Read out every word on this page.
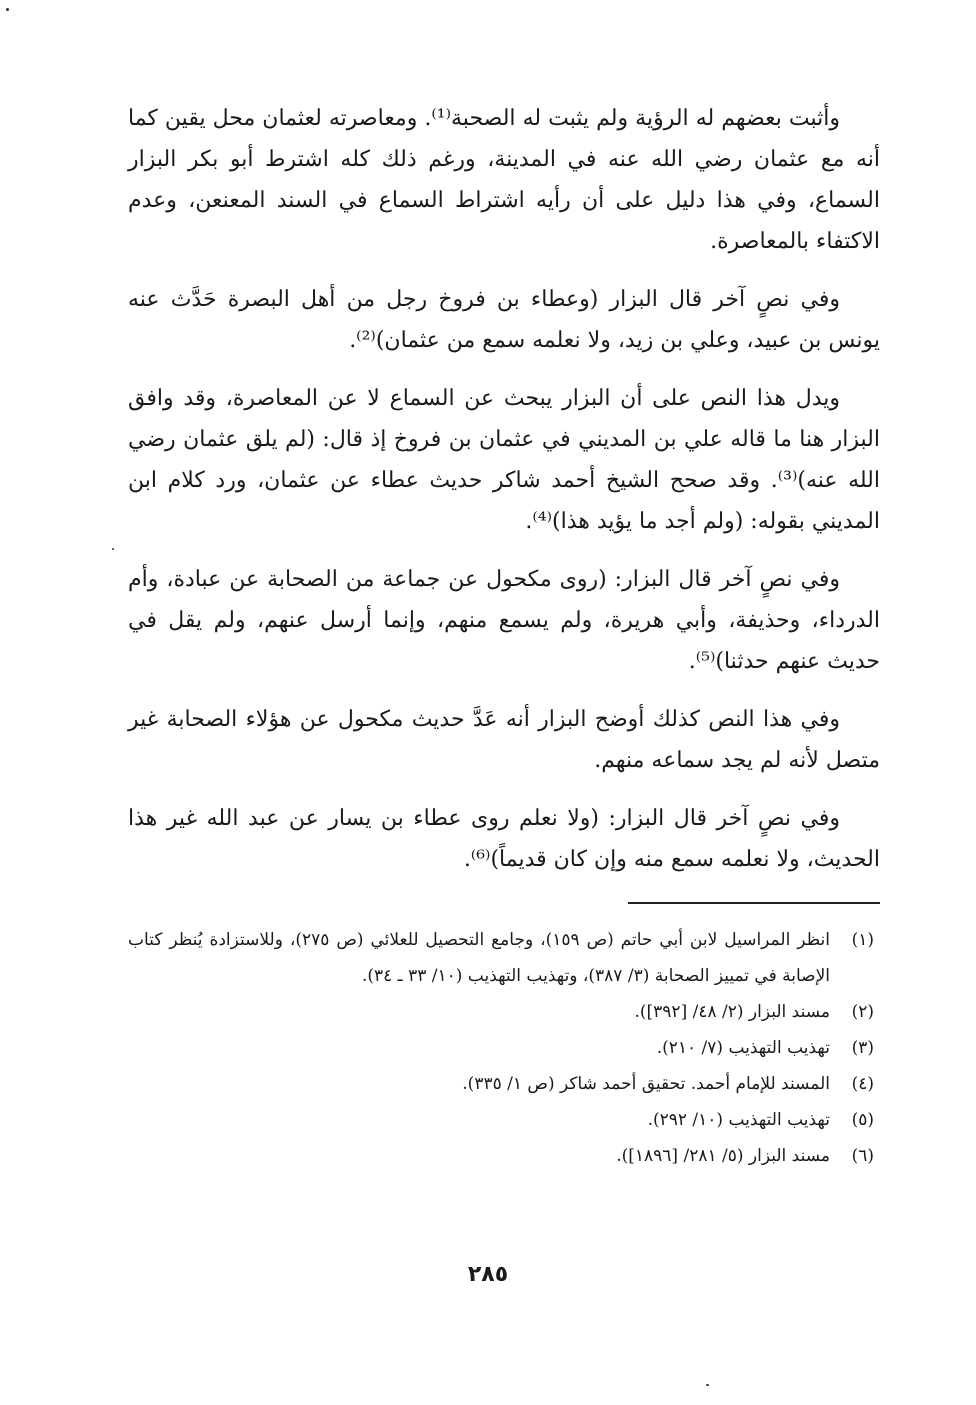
وأثبت بعضهم له الرؤية ولم يثبت له الصحبة⁽¹⁾. ومعاصرته لعثمان محل يقين كما أنه مع عثمان رضي الله عنه في المدينة، ورغم ذلك كله اشترط أبو بكر البزار السماع، وفي هذا دليل على أن رأيه اشتراط السماع في السند المعنعن، وعدم الاكتفاء بالمعاصرة.

وفي نصٍ آخر قال البزار (وعطاء بن فروخ رجل من أهل البصرة حَدَّث عنه يونس بن عبيد، وعلي بن زيد، ولا نعلمه سمع من عثمان)⁽²⁾.

ويدل هذا النص على أن البزار يبحث عن السماع لا عن المعاصرة، وقد وافق البزار هنا ما قاله علي بن المديني في عثمان بن فروخ إذ قال: (لم يلق عثمان رضي الله عنه)⁽³⁾. وقد صحح الشيخ أحمد شاكر حديث عطاء عن عثمان، ورد كلام ابن المديني بقوله: (ولم أجد ما يؤيد هذا)⁽⁴⁾.

وفي نصٍ آخر قال البزار: (روى مكحول عن جماعة من الصحابة عن عبادة، وأم الدرداء، وحذيفة، وأبي هريرة، ولم يسمع منهم، وإنما أرسل عنهم، ولم يقل في حديث عنهم حدثنا)⁽⁵⁾.

وفي هذا النص كذلك أوضح البزار أنه عَدَّ حديث مكحول عن هؤلاء الصحابة غير متصل لأنه لم يجد سماعه منهم.

وفي نصٍ آخر قال البزار: (ولا نعلم روى عطاء بن يسار عن عبد الله غير هذا الحديث، ولا نعلمه سمع منه وإن كان قديماً)⁽⁶⁾.

(١)
انظر المراسيل لابن أبي حاتم (ص ١٥٩)، وجامع التحصيل للعلائي (ص ٢٧٥)، وللاستزادة يُنظر كتاب الإصابة في تمييز الصحابة (٣/ ٣٨٧)، وتهذيب التهذيب (١٠/ ٣٣ ـ ٣٤).
(٢)
مسند البزار (٢/ ٤٨/ [٣٩٢]).
(٣)
تهذيب التهذيب (٧/ ٢١٠).
(٤)
المسند للإمام أحمد. تحقيق أحمد شاكر (ص ١/ ٣٣٥).
(٥)
تهذيب التهذيب (١٠/ ٢٩٢).
(٦)
مسند البزار (٥/ ٢٨١/ [١٨٩٦]).
٢٨٥
